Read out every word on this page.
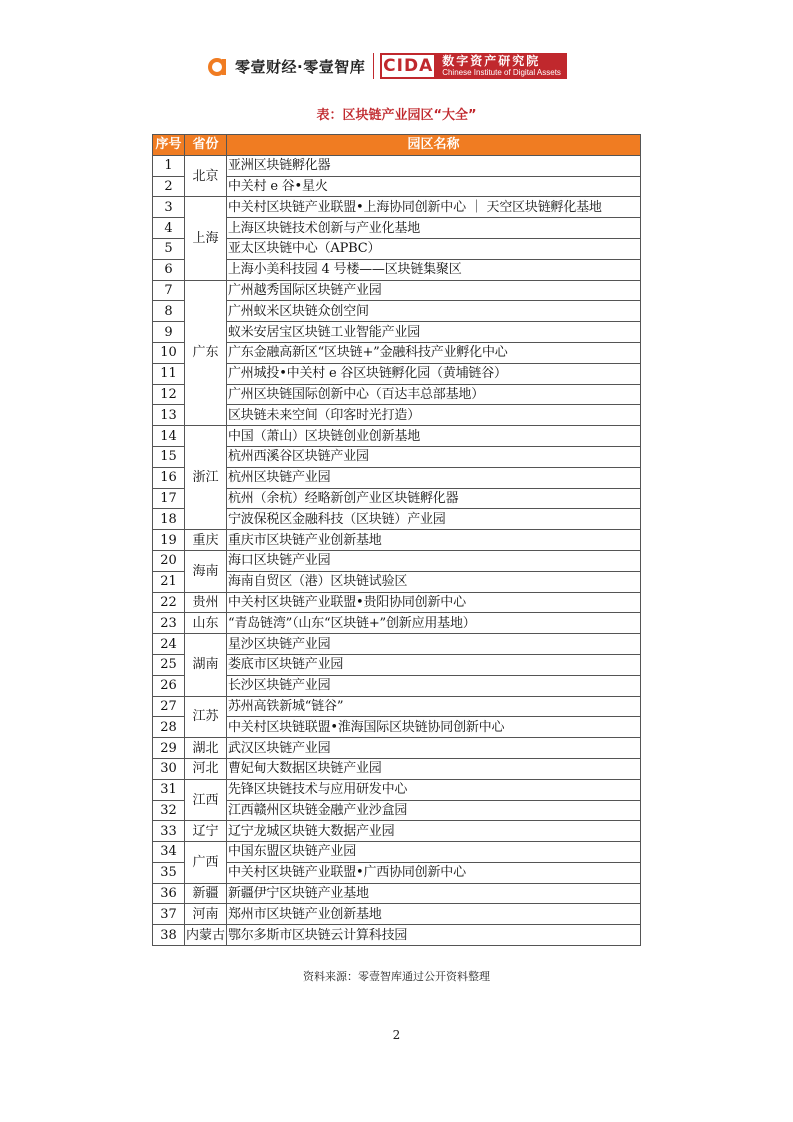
零壹财经·零壹智库 CIDA 数字资产研究院
Chinese Institute of Digital Assets
表：区块链产业园区“大全”
序号	省份	园区名称
1	北京	亚洲区块链孵化器
2		中关村 e 谷•星火
3	上海	中关村区块链产业联盟•上海协同创新中心 ｜ 天空区块链孵化基地
4		上海区块链技术创新与产业化基地
5		亚太区块链中心（APBC）
6		上海小美科技园 4 号楼——区块链集聚区
7	广东	广州越秀国际区块链产业园
8		广州蚁米区块链众创空间
9		蚁米安居宝区块链工业智能产业园
10		广东金融高新区“区块链+”金融科技产业孵化中心
11		广州城投•中关村 e 谷区块链孵化园（黄埔链谷）
12		广州区块链国际创新中心（百达丰总部基地）
13		区块链未来空间（印客时光打造）
14	浙江	中国（萧山）区块链创业创新基地
15		杭州西溪谷区块链产业园
16		杭州区块链产业园
17		杭州（余杭）经略新创产业区块链孵化器
18		宁波保税区金融科技（区块链）产业园
19	重庆	重庆市区块链产业创新基地
20	海南	海口区块链产业园
21		海南自贸区（港）区块链试验区
22	贵州	中关村区块链产业联盟•贵阳协同创新中心
23	山东	“青岛链湾”（山东“区块链+”创新应用基地）
24	湖南	星沙区块链产业园
25		娄底市区块链产业园
26		长沙区块链产业园
27	江苏	苏州高铁新城“链谷”
28		中关村区块链联盟•淮海国际区块链协同创新中心
29	湖北	武汉区块链产业园
30	河北	曹妃甸大数据区块链产业园
31	江西	先锋区块链技术与应用研发中心
32		江西赣州区块链金融产业沙盒园
33	辽宁	辽宁龙城区块链大数据产业园
34	广西	中国东盟区块链产业园
35		中关村区块链产业联盟•广西协同创新中心
36	新疆	新疆伊宁区块链产业基地
37	河南	郑州市区块链产业创新基地
38	内蒙古	鄂尔多斯市区块链云计算科技园
资料来源：零壹智库通过公开资料整理
2
